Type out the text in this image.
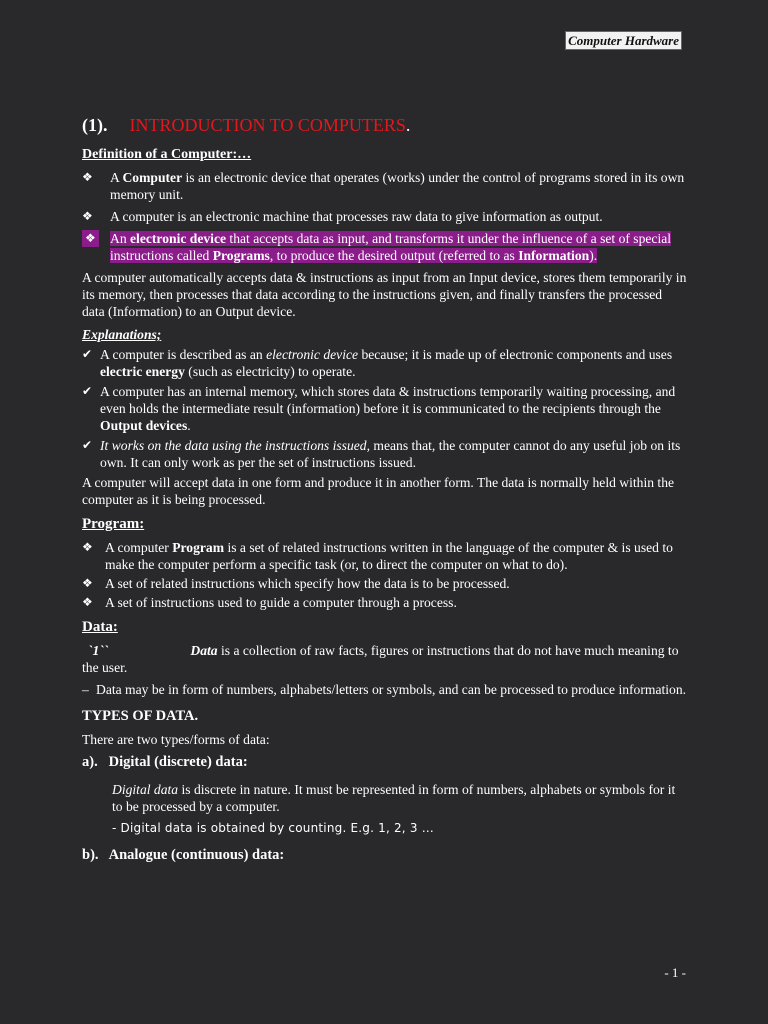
Computer Hardware
(1). INTRODUCTION TO COMPUTERS.
Definition of a Computer:…
❖ A Computer is an electronic device that operates (works) under the control of programs stored in its own memory unit.
❖ A computer is an electronic machine that processes raw data to give information as output.
❖ An electronic device that accepts data as input, and transforms it under the influence of a set of special instructions called Programs, to produce the desired output (referred to as Information).

A computer automatically accepts data & instructions as input from an Input device, stores them temporarily in its memory, then processes that data according to the instructions given, and finally transfers the processed data (Information) to an Output device.

Explanations;
✔ A computer is described as an electronic device because; it is made up of electronic components and uses electric energy (such as electricity) to operate.
✔ A computer has an internal memory, which stores data & instructions temporarily waiting processing, and even holds the intermediate result (information) before it is communicated to the recipients through the Output devices.
✔ It works on the data using the instructions issued, means that, the computer cannot do any useful job on its own. It can only work as per the set of instructions issued.

A computer will accept data in one form and produce it in another form. The data is normally held within the computer as it is being processed.

Program:
❖ A computer Program is a set of related instructions written in the language of the computer & is used to make the computer perform a specific task (or, to direct the computer on what to do).
❖ A set of related instructions which specify how the data is to be processed.
❖ A set of instructions used to guide a computer through a process.
Data:

`1``	Data is a collection of raw facts, figures or instructions that do not have much meaning to the user.

– Data may be in form of numbers, alphabets/letters or symbols, and can be processed to produce information.
TYPES OF DATA.

There are two types/forms of data:

a). Digital (discrete) data:

Digital data is discrete in nature. It must be represented in form of numbers, alphabets or symbols for it to be processed by a computer.

- Digital data is obtained by counting. E.g. 1, 2, 3 …
b). Analogue (continuous) data:
- 1 -
